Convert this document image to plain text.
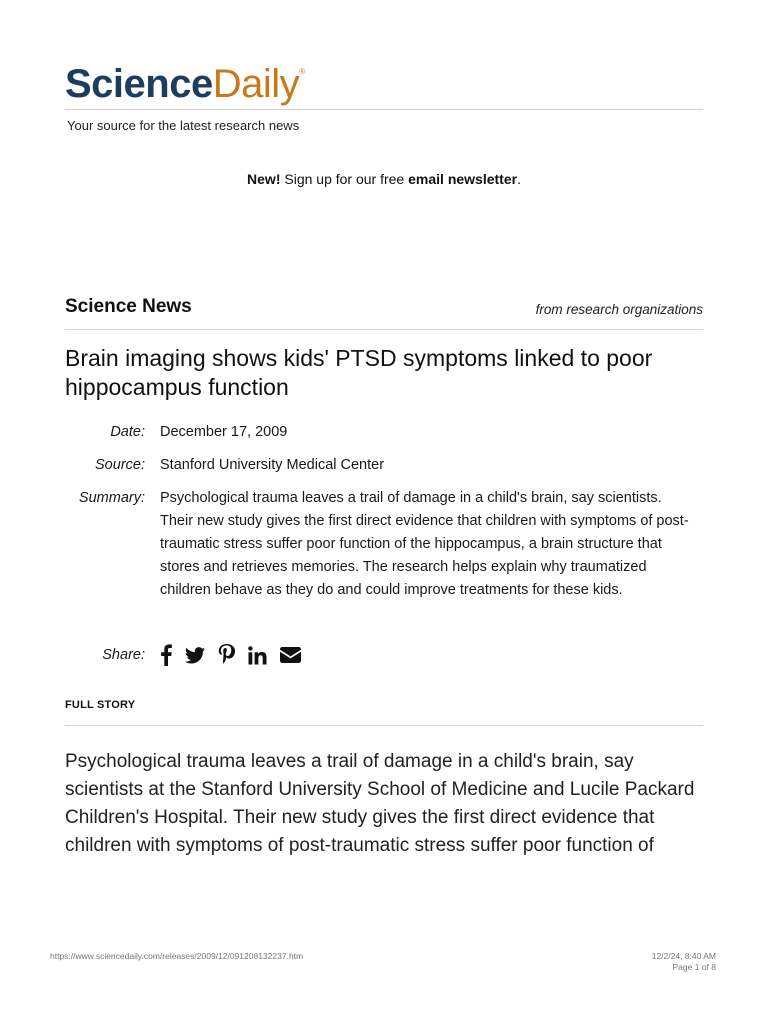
ScienceDaily®
Your source for the latest research news
New! Sign up for our free email newsletter.
Science News	from research organizations
Brain imaging shows kids' PTSD symptoms linked to poor hippocampus function
Date: December 17, 2009
Source: Stanford University Medical Center
Summary: Psychological trauma leaves a trail of damage in a child's brain, say scientists. Their new study gives the first direct evidence that children with symptoms of post-traumatic stress suffer poor function of the hippocampus, a brain structure that stores and retrieves memories. The research helps explain why traumatized children behave as they do and could improve treatments for these kids.
Share:
FULL STORY

Psychological trauma leaves a trail of damage in a child's brain, say scientists at the Stanford University School of Medicine and Lucile Packard Children's Hospital. Their new study gives the first direct evidence that children with symptoms of post-traumatic stress suffer poor function of

https://www.sciencedaily.com/releases/2009/12/091208132237.htm	12/2/24, 8:40 AM
Page 1 of 8
